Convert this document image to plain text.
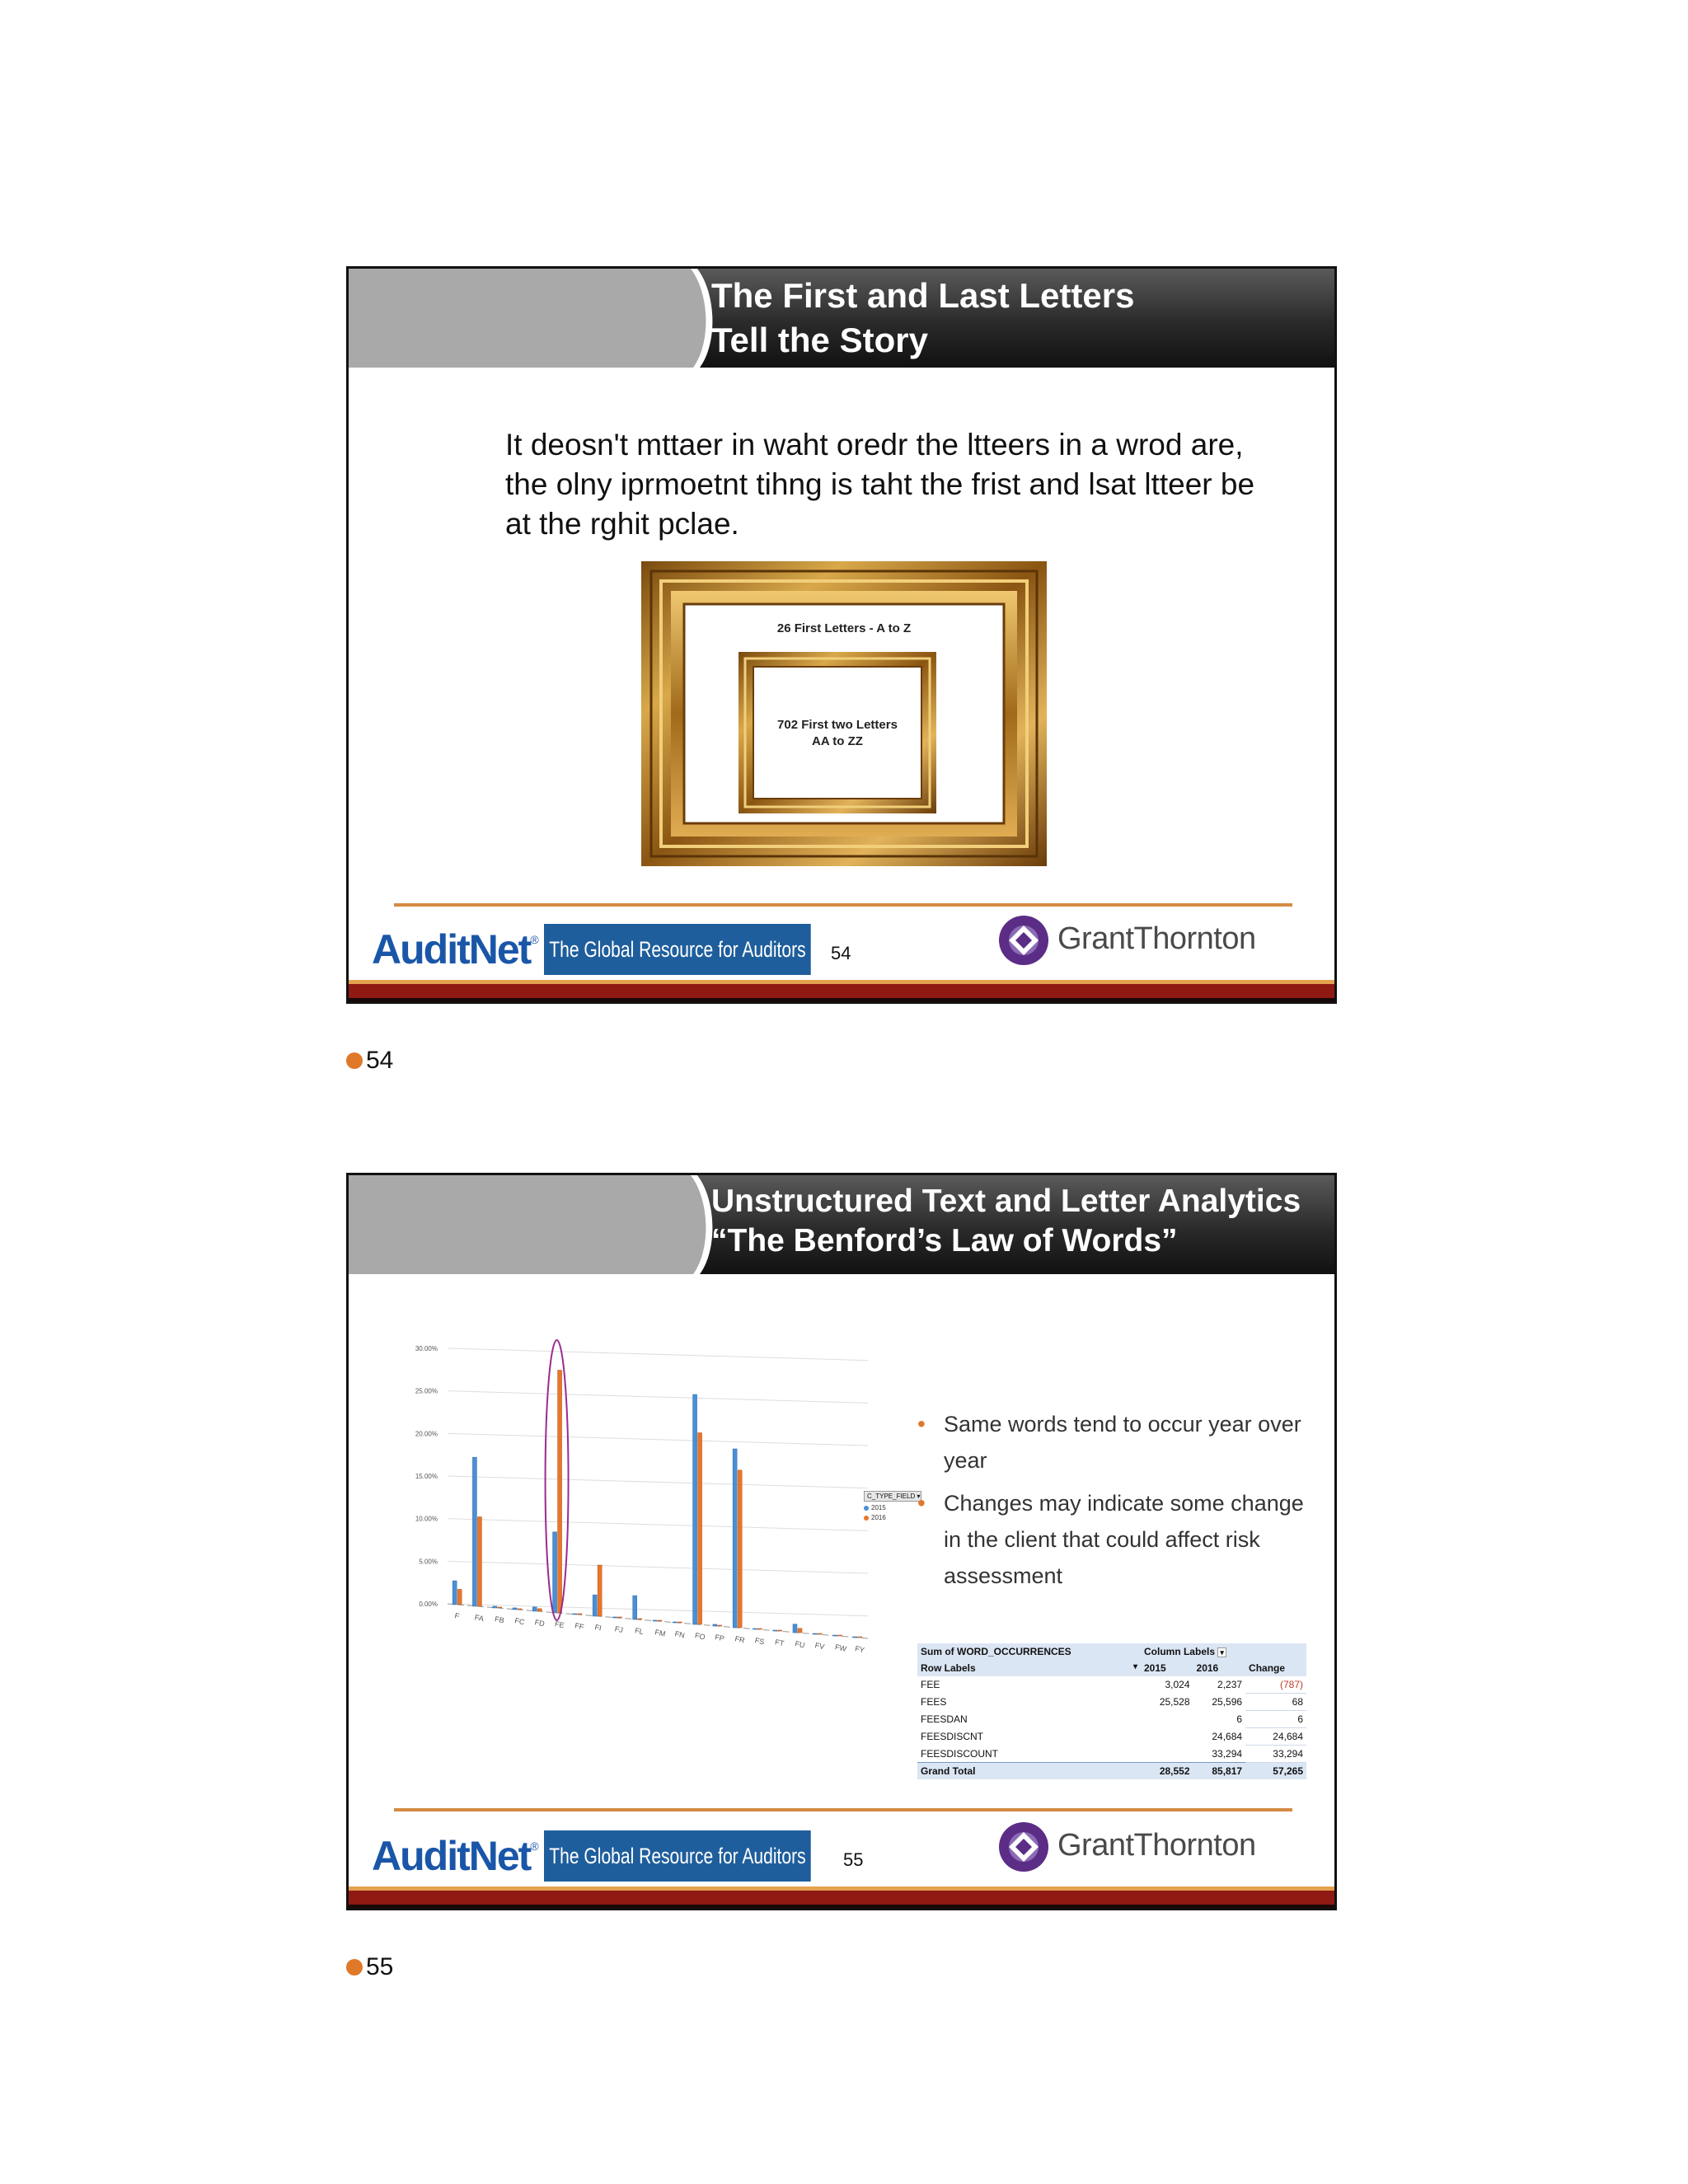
The First and Last Letters
Tell the Story
It deosn't mttaer in waht oredr the ltteers in a wrod are, the olny iprmoetnt tihng is taht the frist and lsat ltteer be at the rghit pclae.
26 First Letters - A to Z
702 First two Letters
AA to ZZ
AuditNet ® The Global Resource for Auditors 54	GrantThornton
54
Unstructured Text and Letter Analytics
“The Benford’s Law of Words”
30.00%
25.00%
20.00%
15.00%
10.00%
5.00%
0.00%
F FA FB FC FD FE FF FI FJ FL FM FN FO FP FR FS FT FU FV FW FY
C_TYPE_FIELD ▾
2015
2016
• Same words tend to occur year over year
• Changes may indicate some change in the client that could affect risk assessment
Sum of WORD_OCCURRENCES	Column Labels ▾		
Row Labels ▾	2015	2016	Change
FEE	3,024	2,237	(787)
FEES	25,528	25,596	68
FEESDAN		6	6
FEESDISCNT		24,684	24,684
FEESDISCOUNT		33,294	33,294
Grand Total	28,552	85,817	57,265
AuditNet ® The Global Resource for Auditors 55	GrantThornton
55
